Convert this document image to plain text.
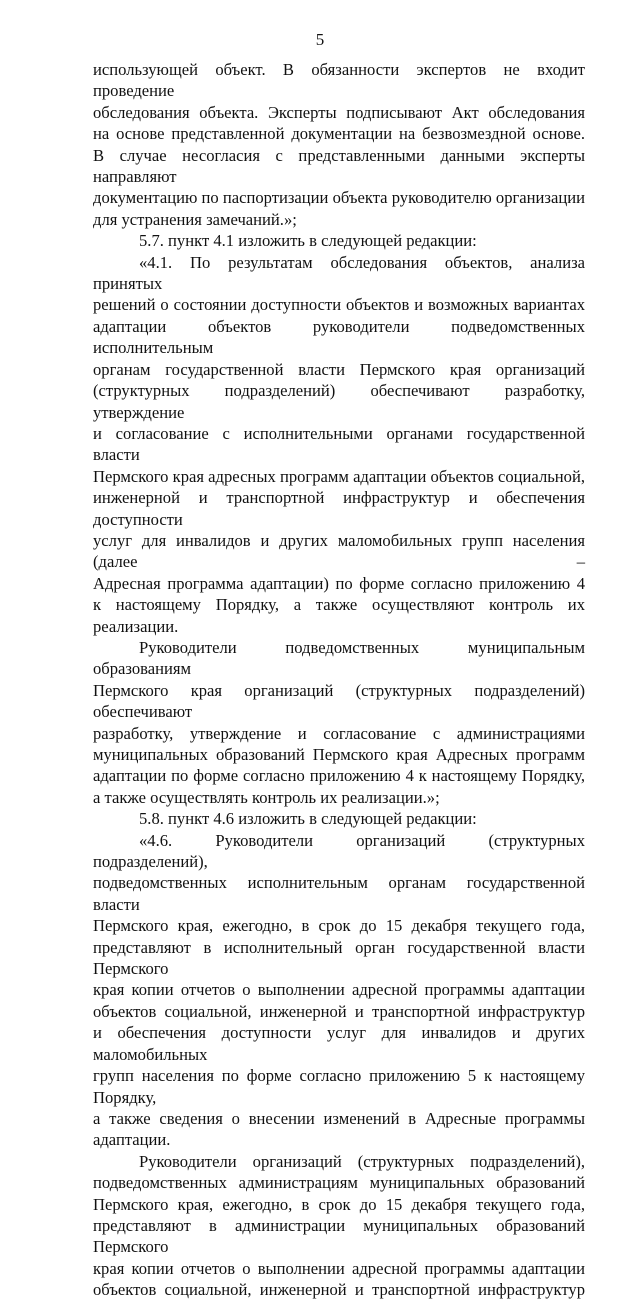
5

использующей объект. В обязанности экспертов не входит проведение

обследования объекта. Эксперты подписывают Акт обследования

на основе представленной документации на безвозмездной основе.

В случае несогласия с представленными данными эксперты направляют

документацию по паспортизации объекта руководителю организации

для устранения замечаний.»;

5.7. пункт 4.1 изложить в следующей редакции:

«4.1. По результатам обследования объектов, анализа принятых

решений о состоянии доступности объектов и возможных вариантах

адаптации объектов руководители подведомственных исполнительным

органам государственной власти Пермского края организаций

(структурных подразделений) обеспечивают разработку, утверждение

и согласование с исполнительными органами государственной власти

Пермского края адресных программ адаптации объектов социальной,

инженерной и транспортной инфраструктур и обеспечения доступности

услуг для инвалидов и других маломобильных групп населения (далее –

Адресная программа адаптации) по форме согласно приложению 4

к настоящему Порядку, а также осуществляют контроль их реализации.

Руководители подведомственных муниципальным образованиям

Пермского края организаций (структурных подразделений) обеспечивают

разработку, утверждение и согласование с администрациями

муниципальных образований Пермского края Адресных программ

адаптации по форме согласно приложению 4 к настоящему Порядку,

а также осуществлять контроль их реализации.»;

5.8. пункт 4.6 изложить в следующей редакции:

«4.6. Руководители организаций (структурных подразделений),

подведомственных исполнительным органам государственной власти

Пермского края, ежегодно, в срок до 15 декабря текущего года,

представляют в исполнительный орган государственной власти Пермского

края копии отчетов о выполнении адресной программы адаптации

объектов социальной, инженерной и транспортной инфраструктур

и обеспечения доступности услуг для инвалидов и других маломобильных

групп населения по форме согласно приложению 5 к настоящему Порядку,

а также сведения о внесении изменений в Адресные программы адаптации.

Руководители организаций (структурных подразделений),

подведомственных администрациям муниципальных образований

Пермского края, ежегодно, в срок до 15 декабря текущего года,

представляют в администрации муниципальных образований Пермского

края копии отчетов о выполнении адресной программы адаптации

объектов социальной, инженерной и транспортной инфраструктур
